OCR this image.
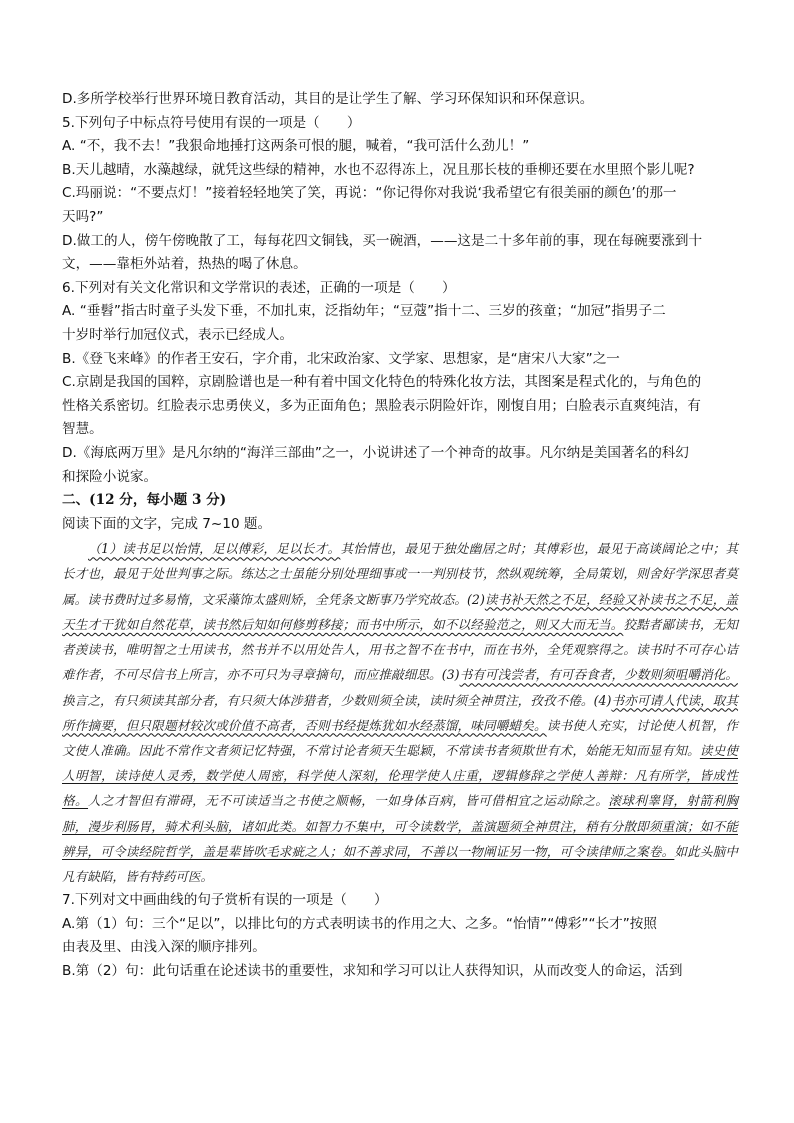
D.多所学校举行世界环境日教育活动，其目的是让学生了解、学习环保知识和环保意识。
5.下列句子中标点符号使用有误的一项是（　　）
A. “不，我不去！”我狠命地捶打这两条可恨的腿，喊着，“我可活什么劲儿！”
B.天儿越晴，水藻越绿，就凭这些绿的精神，水也不忍得冻上，况且那长枝的垂柳还要在水里照个影儿呢?
C.玛丽说：“不要点灯！”接着轻轻地笑了笑，再说：“你记得你对我说‘我希望它有很美丽的颜色’的那一
天吗?”
D.做工的人，傍午傍晚散了工，每每花四文铜钱，买一碗酒，——这是二十多年前的事，现在每碗要涨到十
文，——靠柜外站着，热热的喝了休息。
6.下列对有关文化常识和文学常识的表述，正确的一项是（　　）
A. “垂髫”指古时童子头发下垂，不加扎束，泛指幼年；“豆蔻”指十二、三岁的孩童；“加冠”指男子二
十岁时举行加冠仪式，表示已经成人。
B.《登飞来峰》的作者王安石，字介甫，北宋政治家、文学家、思想家，是“唐宋八大家”之一
C.京剧是我国的国粹，京剧脸谱也是一种有着中国文化特色的特殊化妆方法，其图案是程式化的，与角色的
性格关系密切。红脸表示忠勇侠义，多为正面角色；黑脸表示阴险奸诈，刚愎自用；白脸表示直爽纯洁，有
智慧。
D.《海底两万里》是凡尔纳的“海洋三部曲”之一，小说讲述了一个神奇的故事。凡尔纳是美国著名的科幻
和探险小说家。
二、(12 分，每小题 3 分)
阅读下面的文字，完成 7~10 题。
（1）读书足以怡情，足以傅彩，足以长才。其怡情也，最见于独处幽居之时；其傅彩也，最见于高谈阔论之中；其长才也，最见于处世判事之际。练达之士虽能分别处理细事或一一判别枝节，然纵观统筹，全局策划，则舍好学深思者莫属。读书费时过多易惰，文采藻饰太盛则矫，全凭条文断事乃学究故态。(2)读书补天然之不足，经验又补读书之不足，盖天生才干犹如自然花草，读书然后知如何修剪移接；而书中所示，如不以经验范之，则又大而无当。狡黠者鄙读书，无知者羡读书，唯明智之士用读书，然书并不以用处告人，用书之智不在书中，而在书外，全凭观察得之。读书时不可存心诘难作者，不可尽信书上所言，亦不可只为寻章摘句，而应推敲细思。(3)书有可浅尝者，有可吞食者，少数则须咀嚼消化。换言之，有只须读其部分者，有只须大体涉猎者，少数则须全读，读时须全神贯注，孜孜不倦。(4)书亦可请人代读，取其所作摘要，但只限题材较次或价值不高者，否则书经提炼犹如水经蒸馏，味同嚼蜡矣。读书使人充实，讨论使人机智，作文使人准确。因此不常作文者须记忆特强，不常讨论者须天生聪颖，不常读书者须欺世有术，始能无知而显有知。读史使人明智，读诗使人灵秀，数学使人周密，科学使人深刻，伦理学使人庄重，逻辑修辞之学使人善辩：凡有所学，皆成性格。人之才智但有滞碍，无不可读适当之书使之顺畅，一如身体百病，皆可借相宜之运动除之。滚球利睾肾，射箭利胸肺，漫步利肠胃，骑术利头脑，诸如此类。如智力不集中，可令读数学，盖演题须全神贯注，稍有分散即须重演；如不能辨异，可令读经院哲学，盖是辈皆吹毛求疵之人；如不善求同，不善以一物阐证另一物，可令读律师之案卷。如此头脑中凡有缺陷，皆有特药可医。
7.下列对文中画曲线的句子赏析有误的一项是（　　）
A.第（1）句：三个“足以”，以排比句的方式表明读书的作用之大、之多。“怡情”“傅彩”“长才”按照
由表及里、由浅入深的顺序排列。
B.第（2）句：此句话重在论述读书的重要性，求知和学习可以让人获得知识，从而改变人的命运，活到
